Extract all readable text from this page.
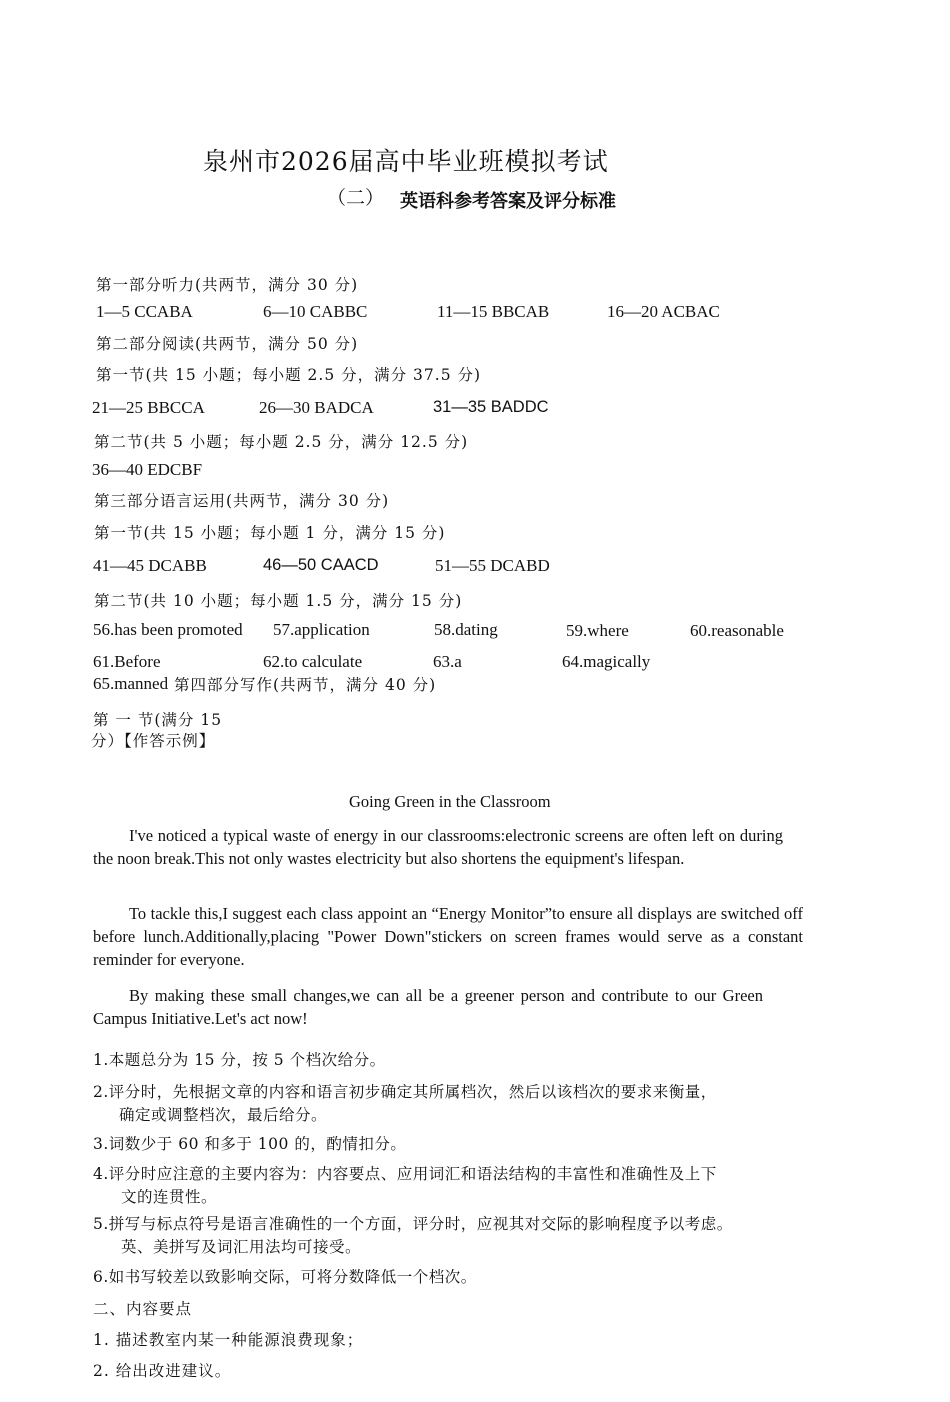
泉州市2026届高中毕业班模拟考试
（二） 英语科参考答案及评分标准
第一部分听力(共两节，满分 30 分)
1—5 CCABA	6—10 CABBC	11—15 BBCAB	16—20 ACBAC
第二部分阅读(共两节，满分 50 分)
第一节(共 15 小题；每小题 2.5 分，满分 37.5 分)
21—25 BBCCA	26—30 BADCA	31—35 BADDC
第二节(共 5 小题；每小题 2.5 分，满分 12.5 分)
36—40 EDCBF
第三部分语言运用(共两节，满分 30 分)
第一节(共 15 小题；每小题 1 分，满分 15 分)
41—45 DCABB	46—50 CAACD	51—55 DCABD
第二节(共 10 小题；每小题 1.5 分，满分 15 分)
56.has been promoted 57.application	58.dating	59.where	60.reasonable
61.Before	62.to calculate	63.a	64.magically
65.manned 第四部分写作(共两节，满分 40 分)
第 一 节(满分 15
分）【作答示例】
Going Green in the Classroom
I've noticed a typical waste of energy in our classrooms:electronic screens are often left on during the noon break.This not only wastes electricity but also shortens the equipment's lifespan.
To tackle this,I suggest each class appoint an “Energy Monitor”to ensure all displays are switched off before lunch.Additionally,placing "Power Down"stickers on screen frames would serve as a constant reminder for everyone.
By making these small changes,we can all be a greener person and contribute to our Green Campus Initiative.Let's act now!
1.本题总分为 15 分，按 5 个档次给分。
2.评分时，先根据文章的内容和语言初步确定其所属档次，然后以该档次的要求来衡量，
确定或调整档次，最后给分。
3.词数少于 60 和多于 100 的，酌情扣分。
4.评分时应注意的主要内容为：内容要点、应用词汇和语法结构的丰富性和准确性及上下
文的连贯性。
5.拼写与标点符号是语言准确性的一个方面，评分时，应视其对交际的影响程度予以考虑。
英、美拼写及词汇用法均可接受。
6.如书写较差以致影响交际，可将分数降低一个档次。
二、内容要点
1. 描述教室内某一种能源浪费现象；
2. 给出改进建议。
